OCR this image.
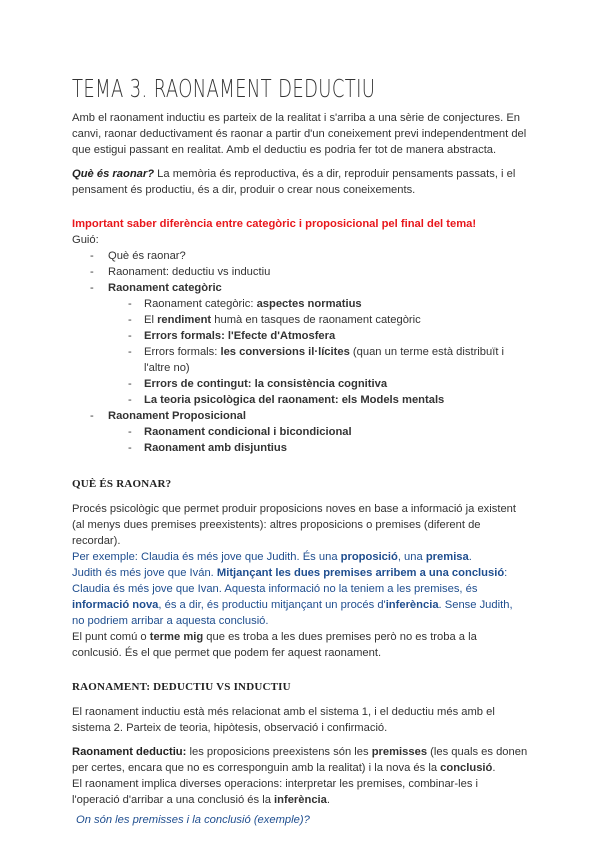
TEMA 3. RAONAMENT DEDUCTIU

Amb el raonament inductiu es parteix de la realitat i s'arriba a una sèrie de conjectures. En canvi, raonar deductivament és raonar a partir d'un coneixement previ independentment del que estigui passant en realitat. Amb el deductiu es podria fer tot de manera abstracta.

Què és raonar? La memòria és reproductiva, és a dir, reproduir pensaments passats, i el pensament és productiu, és a dir, produir o crear nous coneixements.

Important saber diferència entre categòric i proposicional pel final del tema!

Guió:

- Què és raonar?
- Raonament: deductiu vs inductiu
- Raonament categòric
- Raonament categòric: aspectes normatius
- El rendiment humà en tasques de raonament categòric
- Errors formals: l'Efecte d'Atmosfera
- Errors formals: les conversions il·lícites (quan un terme està distribuït i l'altre no)
- Errors de contingut: la consistència cognitiva
- La teoria psicològica del raonament: els Models mentals
- Raonament Proposicional
- Raonament condicional i bicondicional
- Raonament amb disjuntius
QUÈ ÉS RAONAR?

Procés psicològic que permet produir proposicions noves en base a informació ja existent (al menys dues premises preexistents): altres proposicions o premises (diferent de recordar).

Per exemple: Claudia és més jove que Judith. És una proposició, una premisa.

Judith és més jove que Iván. Mitjançant les dues premises arribem a una conclusió: Claudia és més jove que Ivan. Aquesta informació no la teniem a les premises, és informació nova, és a dir, és productiu mitjançant un procés d'inferència. Sense Judith, no podriem arribar a aquesta conclusió.

El punt comú o terme mig que es troba a les dues premises però no es troba a la conlcusió. És el que permet que podem fer aquest raonament.

RAONAMENT: DEDUCTIU VS INDUCTIU

El raonament inductiu està més relacionat amb el sistema 1, i el deductiu més amb el sistema 2. Parteix de teoria, hipòtesis, observació i confirmació.

Raonament deductiu: les proposicions preexistens són les premisses (les quals es donen per certes, encara que no es corresponguin amb la realitat) i la nova és la conclusió.

El raonament implica diverses operacions: interpretar les premises, combinar-les i l'operació d'arribar a una conclusió és la inferència.

On són les premisses i la conclusió (exemple)?
